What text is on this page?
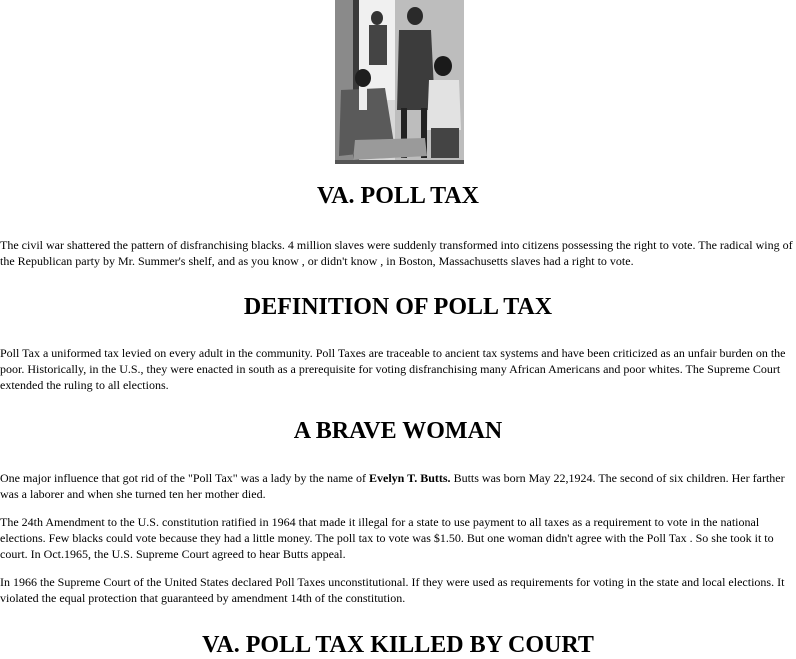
VA. POLL TAX

The civil war shattered the pattern of disfranchising blacks. 4 million slaves were suddenly transformed into citizens possessing the right to vote. The radical wing of the Republican party by Mr. Summer's shelf, and as you know , or didn't know , in Boston, Massachusetts slaves had a right to vote.

DEFINITION OF POLL TAX

Poll Tax a uniformed tax levied on every adult in the community. Poll Taxes are traceable to ancient tax systems and have been criticized as an unfair burden on the poor. Historically, in the U.S., they were enacted in south as a prerequisite for voting disfranchising many African Americans and poor whites. The Supreme Court extended the ruling to all elections.

A BRAVE WOMAN

One major influence that got rid of the "Poll Tax" was a lady by the name of Evelyn T. Butts. Butts was born May 22,1924. The second of six children. Her farther was a laborer and when she turned ten her mother died.

The 24th Amendment to the U.S. constitution ratified in 1964 that made it illegal for a state to use payment to all taxes as a requirement to vote in the national elections. Few blacks could vote because they had a little money. The poll tax to vote was $1.50. But one woman didn't agree with the Poll Tax . So she took it to court. In Oct.1965, the U.S. Supreme Court agreed to hear Butts appeal.

In 1966 the Supreme Court of the United States declared Poll Taxes unconstitutional. If they were used as requirements for voting in the state and local elections. It violated the equal protection that guaranteed by amendment 14th of the constitution.

VA. POLL TAX KILLED BY COURT
